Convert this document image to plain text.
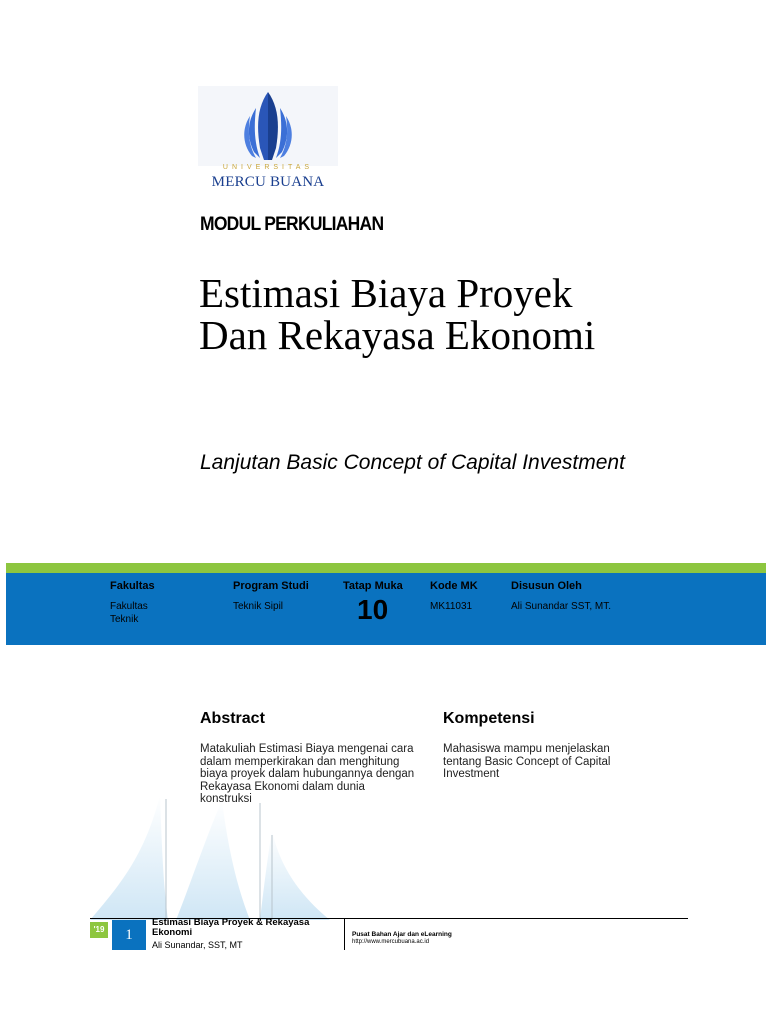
UNIVERSITAS
MERCU BUANA
MODUL PERKULIAHAN
Estimasi Biaya Proyek
Dan Rekayasa Ekonomi
Lanjutan Basic Concept of Capital Investment
Fakultas
Fakultas Teknik
Program Studi
Teknik Sipil
Tatap Muka
10
Kode MK
MK11031
Disusun Oleh
Ali Sunandar SST, MT.
Abstract
Matakuliah Estimasi Biaya mengenai cara dalam memperkirakan dan menghitung biaya proyek dalam hubungannya dengan Rekayasa Ekonomi dalam dunia konstruksi
Kompetensi
Mahasiswa mampu menjelaskan tentang Basic Concept of Capital Investment
'19	1
Estimasi Biaya Proyek & Rekayasa Ekonomi
Ali Sunandar, SST, MT
Pusat Bahan Ajar dan eLearning
http://www.mercubuana.ac.id
